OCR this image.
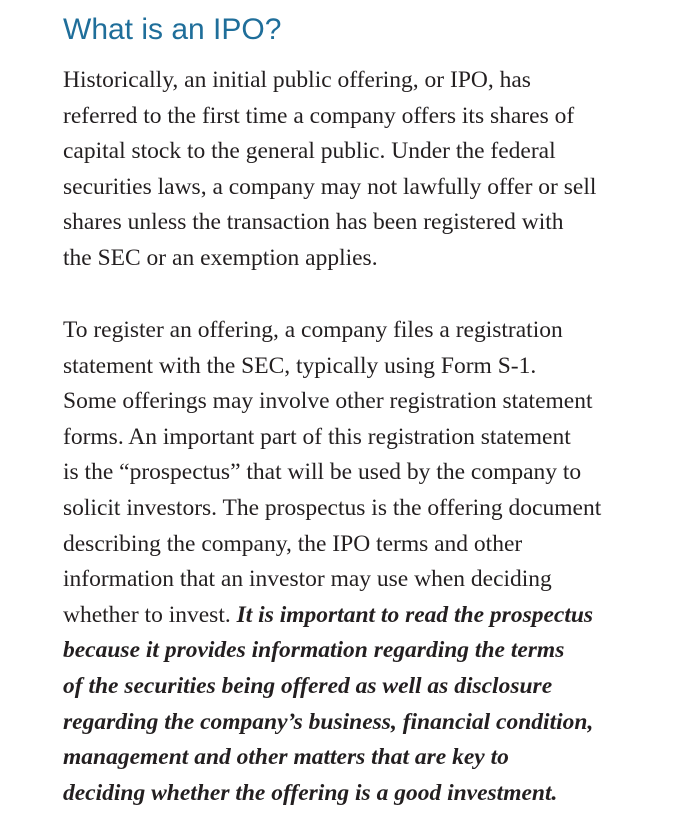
What is an IPO?
Historically, an initial public offering, or IPO, has
referred to the first time a company offers its shares of
capital stock to the general public. Under the federal
securities laws, a company may not lawfully offer or sell
shares unless the transaction has been registered with
the SEC or an exemption applies.
To register an offering, a company files a registration
statement with the SEC, typically using Form S-1.
Some offerings may involve other registration statement
forms. An important part of this registration statement
is the “prospectus” that will be used by the company to
solicit investors. The prospectus is the offering document
describing the company, the IPO terms and other
information that an investor may use when deciding
whether to invest. It is important to read the prospectus
because it provides information regarding the terms
of the securities being offered as well as disclosure
regarding the company’s business, financial condition,
management and other matters that are key to
deciding whether the offering is a good investment.
